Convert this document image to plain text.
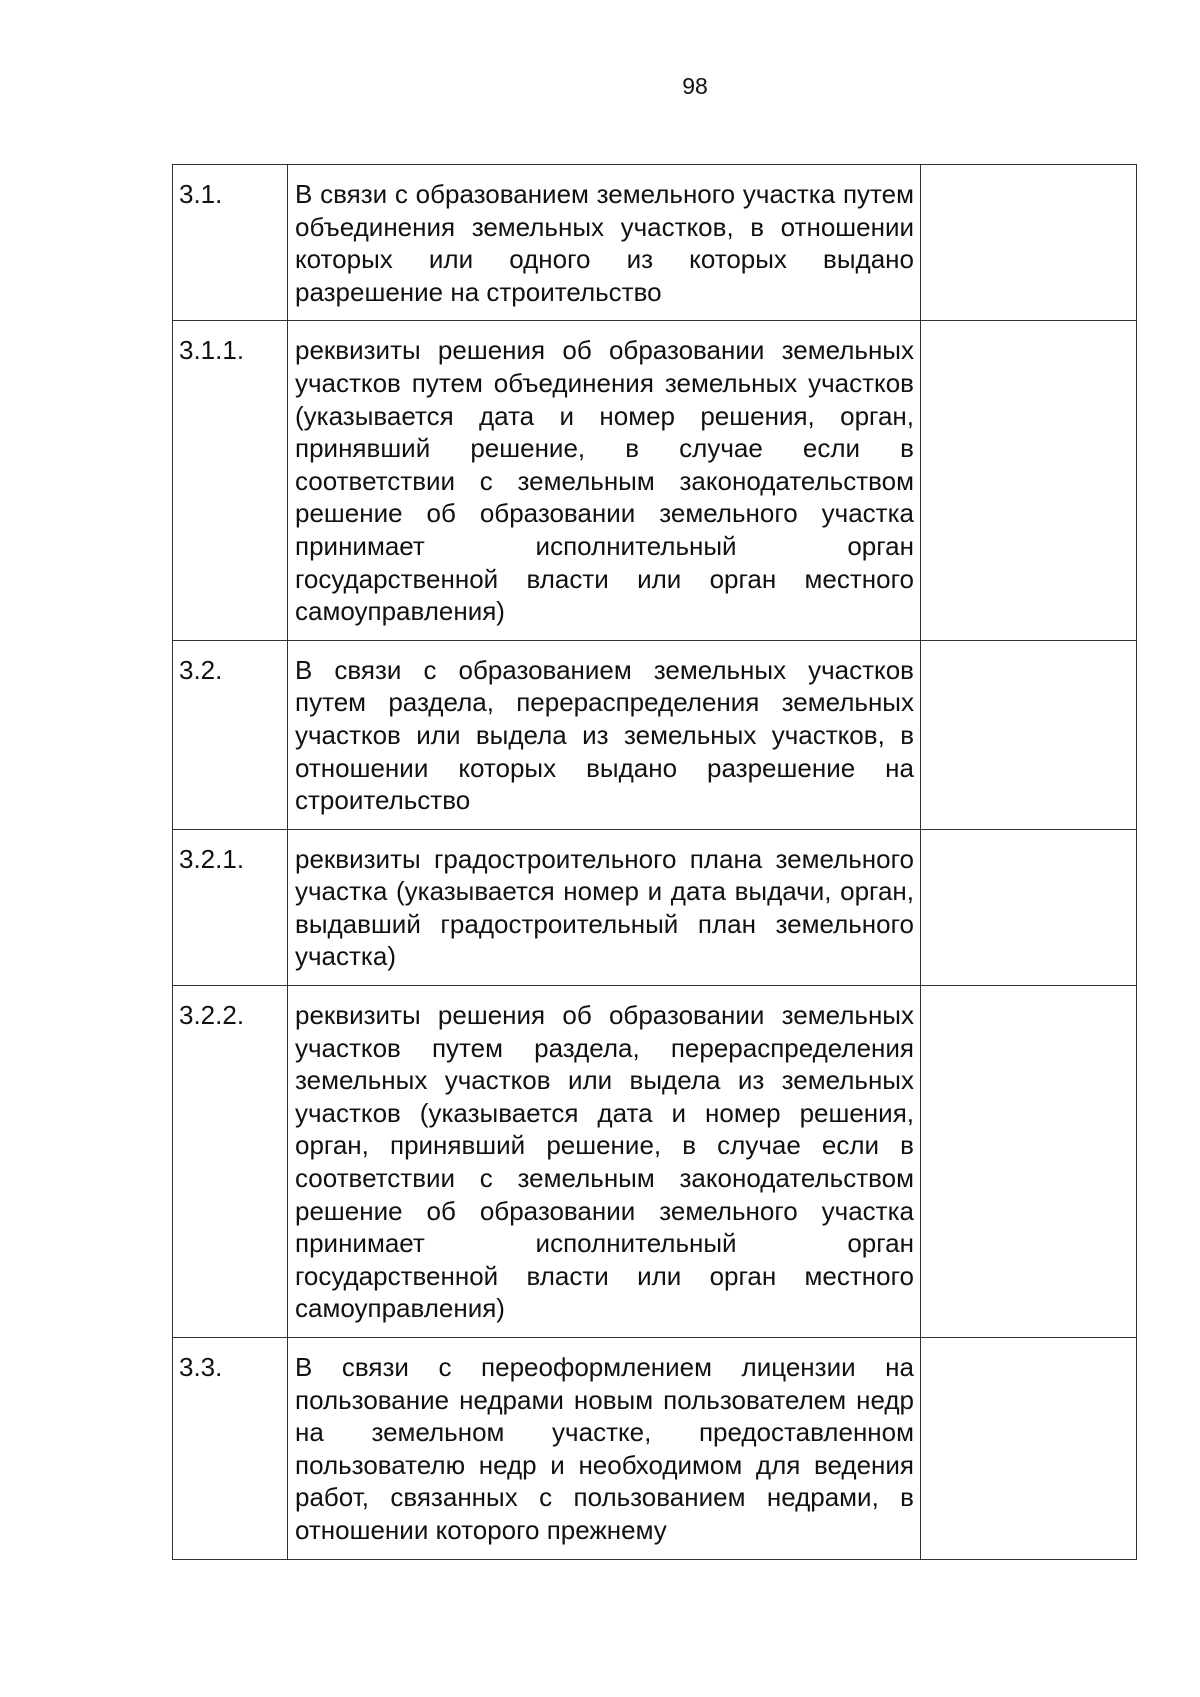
98
3.1.	В связи с образованием земельного участка путем объединения земельных участков, в отношении которых или одного из которых выдано разрешение на строительство	
3.1.1.	реквизиты решения об образовании земельных участков путем объединения земельных участков (указывается дата и номер решения, орган, принявший решение, в случае если в соответствии с земельным законодательством решение об образовании земельного участка принимает исполнительный орган государственной власти или орган местного самоуправления)	
3.2.	В связи с образованием земельных участков путем раздела, перераспределения земельных участков или выдела из земельных участков, в отношении которых выдано разрешение на строительство	
3.2.1.	реквизиты градостроительного плана земельного участка (указывается номер и дата выдачи, орган, выдавший градостроительный план земельного участка)	
3.2.2.	реквизиты решения об образовании земельных участков путем раздела, перераспределения земельных участков или выдела из земельных участков (указывается дата и номер решения, орган, принявший решение, в случае если в соответствии с земельным законодательством решение об образовании земельного участка принимает исполнительный орган государственной власти или орган местного самоуправления)	
3.3.	В связи с переоформлением лицензии на пользование недрами новым пользователем недр на земельном участке, предоставленном пользователю недр и необходимом для ведения работ, связанных с пользованием недрами, в отношении которого прежнему	
